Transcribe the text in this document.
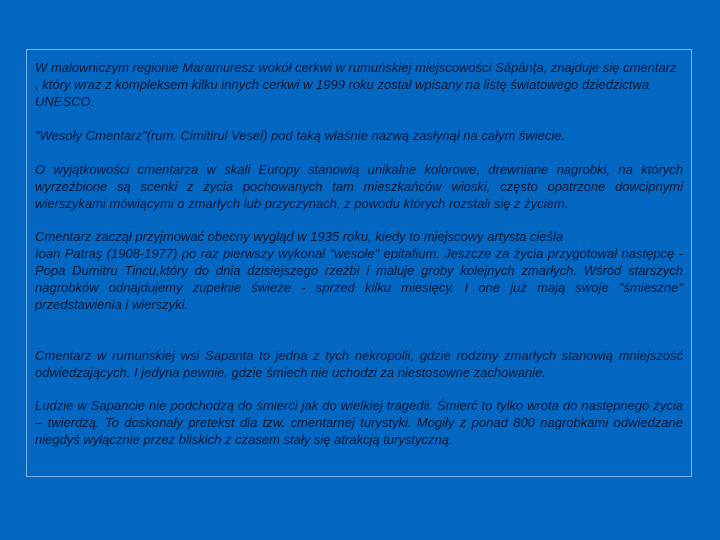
W malowniczym regionie Maramuresz wokół cerkwi w rumuńskiej miejscowości Săpânţa, znajduje się cmentarz , który wraz z kompleksem kilku innych cerkwi w 1999 roku został wpisany na listę światowego dziedzictwa UNESCO.

"Wesoły Cmentarz"(rum. Cimitirul Vesel) pod taką właśnie nazwą zasłynął na całym świecie.

O wyjątkowości cmentarza w skali Europy stanowią unikalne kolorowe, drewniane nagrobki, na których wyrzeźbione są scenki z życia pochowanych tam mieszkańców wioski, często opatrzone dowcipnymi wierszykami mówiącymi o zmarłych lub przyczynach, z powodu których rozstali się z życiem.

Cmentarz zaczął przyjmować obecny wygląd w 1935 roku, kiedy to miejscowy artysta cieśla
Ioan Patraş (1908-1977) po raz pierwszy wykonał "wesołe" epitafium. Jeszcze za życia przygotował następcę - Popa Dumitru Tincu,który do dnia dzisiejszego rzeźbi i maluje groby kolejnych zmarłych. Wśród starszych nagrobków odnajdujemy zupełnie świeże - sprzed kilku miesięcy. I one już mają swoje "śmieszne" przedstawienia i wierszyki.

Cmentarz w rumuńskiej wsi Sapanta to jedna z tych nekropolii, gdzie rodziny zmarłych stanowią mniejszość odwiedzających. I jedyna pewnie, gdzie śmiech nie uchodzi za niestosowne zachowanie.

Ludzie w Sapancie nie podchodzą do śmierci jak do wielkiej tragedii. Śmierć to tylko wrota do następnego życia – twierdzą. To doskonały pretekst dla tzw. cmentarnej turystyki. Mogiły z ponad 800 nagrobkami odwiedzane niegdyś wyłącznie przez bliskich z czasem stały się atrakcją turystyczną.
